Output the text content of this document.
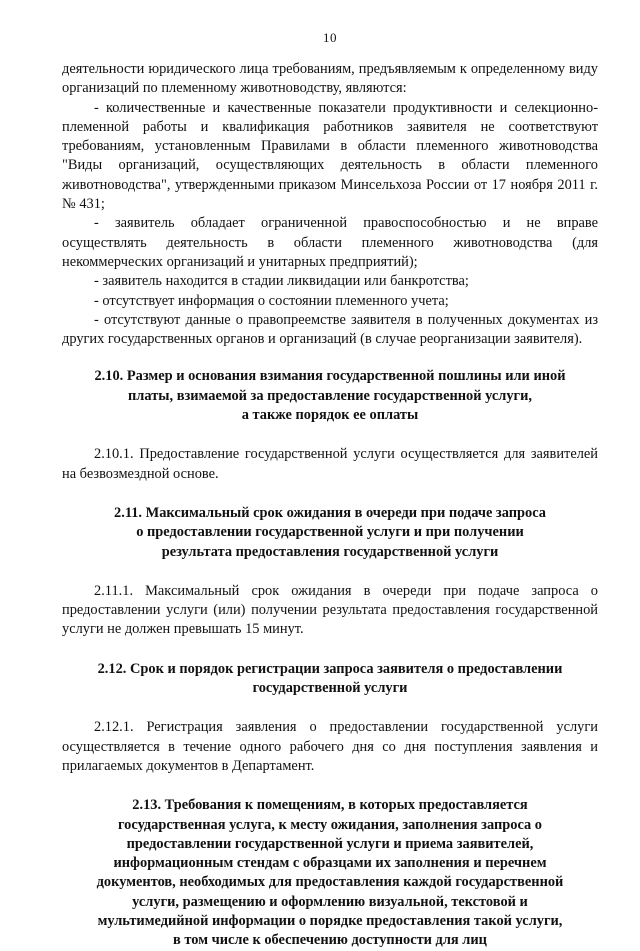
10

деятельности юридического лица требованиям, предъявляемым к определенному виду организаций по племенному животноводству, являются:

- количественные и качественные показатели продуктивности и селекционно-племенной работы и квалификация работников заявителя не соответствуют требованиям, установленным Правилами в области племенного животноводства "Виды организаций, осуществляющих деятельность в области племенного животноводства", утвержденными приказом Минсельхоза России от 17 ноября 2011 г. № 431;

- заявитель обладает ограниченной правоспособностью и не вправе осуществлять деятельность в области племенного животноводства (для некоммерческих организаций и унитарных предприятий);

- заявитель находится в стадии ликвидации или банкротства;

- отсутствует информация о состоянии племенного учета;

- отсутствуют данные о правопреемстве заявителя в полученных документах из других государственных органов и организаций (в случае реорганизации заявителя).

2.10. Размер и основания взимания государственной пошлины или иной
платы, взимаемой за предоставление государственной услуги,
а также порядок ее оплаты

2.10.1. Предоставление государственной услуги осуществляется для заявителей на безвозмездной основе.

2.11. Максимальный срок ожидания в очереди при подаче запроса
о предоставлении государственной услуги и при получении
результата предоставления государственной услуги

2.11.1. Максимальный срок ожидания в очереди при подаче запроса о предоставлении услуги (или) получении результата предоставления государственной услуги не должен превышать 15 минут.

2.12. Срок и порядок регистрации запроса заявителя о предоставлении
государственной услуги

2.12.1. Регистрация заявления о предоставлении государственной услуги осуществляется в течение одного рабочего дня со дня поступления заявления и прилагаемых документов в Департамент.

2.13. Требования к помещениям, в которых предоставляется
государственная услуга, к месту ожидания, заполнения запроса о
предоставлении государственной услуги и приема заявителей,
информационным стендам с образцами их заполнения и перечнем
документов, необходимых для предоставления каждой государственной
услуги, размещению и оформлению визуальной, текстовой и
мультимедийной информации о порядке предоставления такой услуги,
в том числе к обеспечению доступности для лиц
